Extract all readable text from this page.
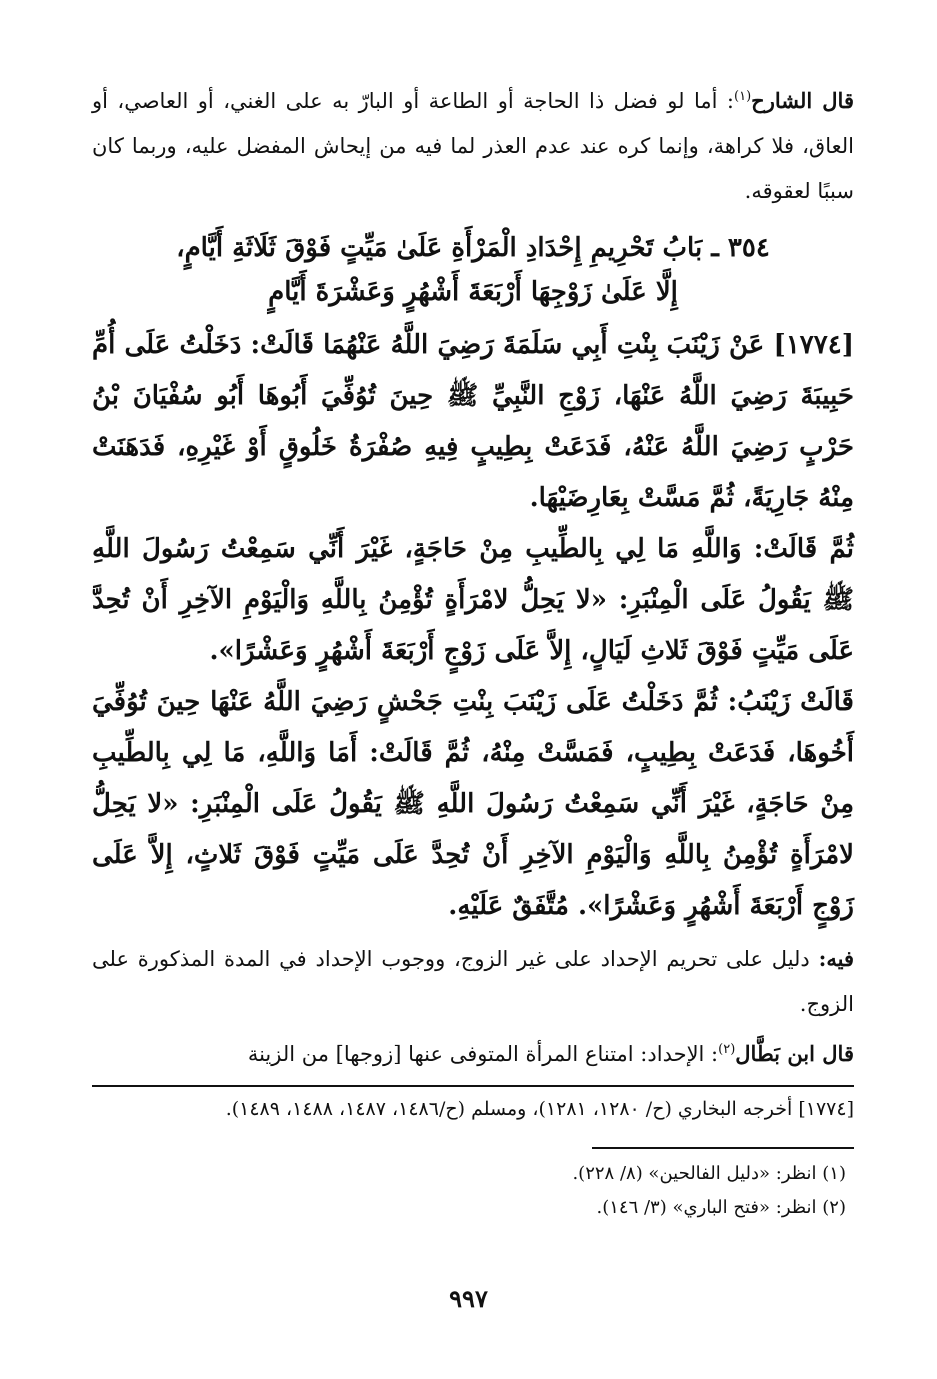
قال الشارح$^{(١)}$: أما لو فضل ذا الحاجة أو الطاعة أو البارّ به على الغني، أو العاصي، أو العاق، فلا كراهة، وإنما كره عند عدم العذر لما فيه من إيحاش المفضل عليه، وربما كان سببًا لعقوقه.

٣٥٤ ـ بَابُ تَحْرِيمِ إِحْدَادِ الْمَرْأَةِ عَلَىٰ مَيِّتٍ فَوْقَ ثَلَاثَةِ أَيَّامٍ،
إِلَّا عَلَىٰ زَوْجِهَا أَرْبَعَةَ أَشْهُرٍ وَعَشْرَةَ أَيَّامٍ

[١٧٧٤] عَنْ زَيْنَبَ بِنْتِ أَبِي سَلَمَةَ رَضِيَ اللَّهُ عَنْهُمَا قَالَتْ: دَخَلْتُ عَلَى أُمِّ حَبِيبَةَ رَضِيَ اللَّهُ عَنْهَا، زَوْجِ النَّبِيِّ ﷺ حِينَ تُوُفِّيَ أَبُوهَا أَبُو سُفْيَانَ بْنُ حَرْبٍ رَضِيَ اللَّهُ عَنْهُ، فَدَعَتْ بِطِيبٍ فِيهِ صُفْرَةُ خَلُوقٍ أَوْ غَيْرِهِ، فَدَهَنَتْ مِنْهُ جَارِيَةً، ثُمَّ مَسَّتْ بِعَارِضَيْهَا.

ثُمَّ قَالَتْ: وَاللَّهِ مَا لِي بِالطِّيبِ مِنْ حَاجَةٍ، غَيْرَ أَنِّي سَمِعْتُ رَسُولَ اللَّهِ ﷺ يَقُولُ عَلَى الْمِنْبَرِ: «لا يَحِلُّ لامْرَأَةٍ تُؤْمِنُ بِاللَّهِ وَالْيَوْمِ الآخِرِ أَنْ تُحِدَّ عَلَى مَيِّتٍ فَوْقَ ثَلاثِ لَيَالٍ، إِلاَّ عَلَى زَوْجٍ أَرْبَعَةَ أَشْهُرٍ وَعَشْرًا».

قَالَتْ زَيْنَبُ: ثُمَّ دَخَلْتُ عَلَى زَيْنَبَ بِنْتِ جَحْشٍ رَضِيَ اللَّهُ عَنْهَا حِينَ تُوُفِّيَ أَخُوهَا، فَدَعَتْ بِطِيبٍ، فَمَسَّتْ مِنْهُ، ثُمَّ قَالَتْ: أَمَا وَاللَّهِ، مَا لِي بِالطِّيبِ مِنْ حَاجَةٍ، غَيْرَ أَنِّي سَمِعْتُ رَسُولَ اللَّهِ ﷺ يَقُولُ عَلَى الْمِنْبَرِ: «لا يَحِلُّ لامْرَأَةٍ تُؤْمِنُ بِاللَّهِ وَالْيَوْمِ الآخِرِ أَنْ تُحِدَّ عَلَى مَيِّتٍ فَوْقَ ثَلاثٍ، إِلاَّ عَلَى زَوْجٍ أَرْبَعَةَ أَشْهُرٍ وَعَشْرًا». مُتَّفَقٌ عَلَيْهِ.

فيه: دليل على تحريم الإحداد على غير الزوج، ووجوب الإحداد في المدة المذكورة على الزوج.

قال ابن بَطَّال$^{(٢)}$: الإحداد: امتناع المرأة المتوفى عنها [زوجها] من الزينة

[١٧٧٤] أخرجه البخاري (ح/ ١٢٨٠، ١٢٨١)، ومسلم (ح/١٤٨٦، ١٤٨٧، ١٤٨٨، ١٤٨٩).

(١) انظر: «دليل الفالحين» (٨/ ٢٢٨).

(٢) انظر: «فتح الباري» (٣/ ١٤٦).

٩٩٧
